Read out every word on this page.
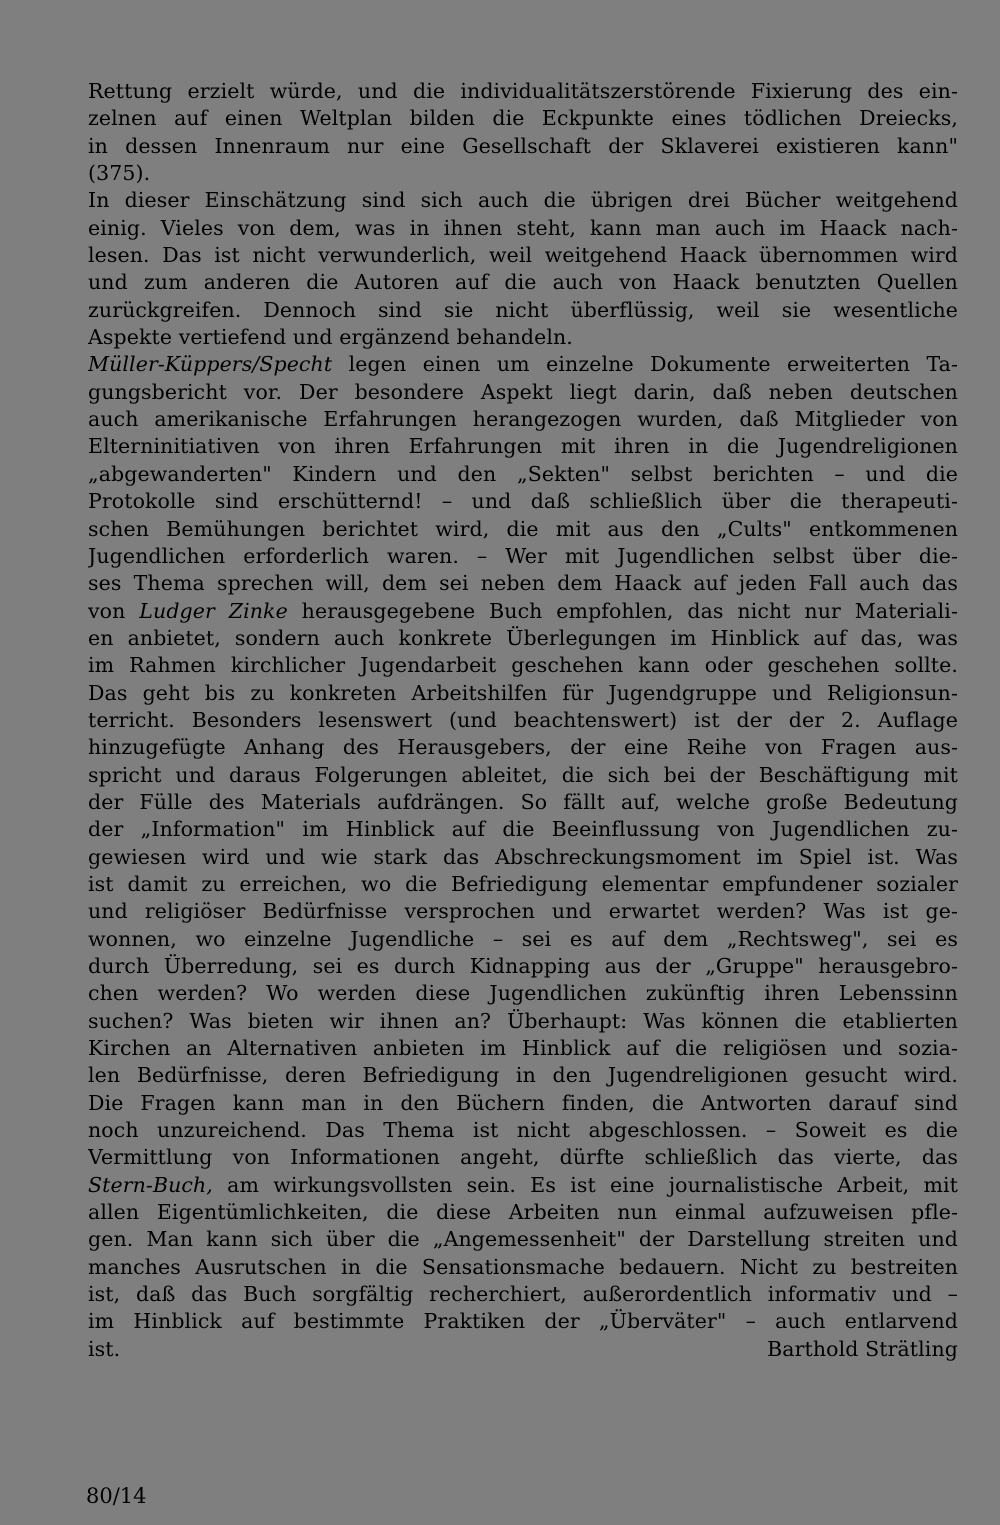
Rettung erzielt würde, und die individualitätszerstörende Fixierung des ein-
zelnen auf einen Weltplan bilden die Eckpunkte eines tödlichen Dreiecks,
in dessen Innenraum nur eine Gesellschaft der Sklaverei existieren kann"
(375).
In dieser Einschätzung sind sich auch die übrigen drei Bücher weitgehend
einig. Vieles von dem, was in ihnen steht, kann man auch im Haack nach-
lesen. Das ist nicht verwunderlich, weil weitgehend Haack übernommen wird
und zum anderen die Autoren auf die auch von Haack benutzten Quellen
zurückgreifen. Dennoch sind sie nicht überflüssig, weil sie wesentliche
Aspekte vertiefend und ergänzend behandeln.
Müller-Küppers/Specht legen einen um einzelne Dokumente erweiterten Ta-
gungsbericht vor. Der besondere Aspekt liegt darin, daß neben deutschen
auch amerikanische Erfahrungen herangezogen wurden, daß Mitglieder von
Elterninitiativen von ihren Erfahrungen mit ihren in die Jugendreligionen
„abgewanderten" Kindern und den „Sekten" selbst berichten – und die
Protokolle sind erschütternd! – und daß schließlich über die therapeuti-
schen Bemühungen berichtet wird, die mit aus den „Cults" entkommenen
Jugendlichen erforderlich waren. – Wer mit Jugendlichen selbst über die-
ses Thema sprechen will, dem sei neben dem Haack auf jeden Fall auch das
von Ludger Zinke herausgegebene Buch empfohlen, das nicht nur Materiali-
en anbietet, sondern auch konkrete Überlegungen im Hinblick auf das, was
im Rahmen kirchlicher Jugendarbeit geschehen kann oder geschehen sollte.
Das geht bis zu konkreten Arbeitshilfen für Jugendgruppe und Religionsun-
terricht. Besonders lesenswert (und beachtenswert) ist der der 2. Auflage
hinzugefügte Anhang des Herausgebers, der eine Reihe von Fragen aus-
spricht und daraus Folgerungen ableitet, die sich bei der Beschäftigung mit
der Fülle des Materials aufdrängen. So fällt auf, welche große Bedeutung
der „Information" im Hinblick auf die Beeinflussung von Jugendlichen zu-
gewiesen wird und wie stark das Abschreckungsmoment im Spiel ist. Was
ist damit zu erreichen, wo die Befriedigung elementar empfundener sozialer
und religiöser Bedürfnisse versprochen und erwartet werden? Was ist ge-
wonnen, wo einzelne Jugendliche – sei es auf dem „Rechtsweg", sei es
durch Überredung, sei es durch Kidnapping aus der „Gruppe" herausgebro-
chen werden? Wo werden diese Jugendlichen zukünftig ihren Lebenssinn
suchen? Was bieten wir ihnen an? Überhaupt: Was können die etablierten
Kirchen an Alternativen anbieten im Hinblick auf die religiösen und sozia-
len Bedürfnisse, deren Befriedigung in den Jugendreligionen gesucht wird.
Die Fragen kann man in den Büchern finden, die Antworten darauf sind
noch unzureichend. Das Thema ist nicht abgeschlossen. – Soweit es die
Vermittlung von Informationen angeht, dürfte schließlich das vierte, das
Stern-Buch, am wirkungsvollsten sein. Es ist eine journalistische Arbeit, mit
allen Eigentümlichkeiten, die diese Arbeiten nun einmal aufzuweisen pfle-
gen. Man kann sich über die „Angemessenheit" der Darstellung streiten und
manches Ausrutschen in die Sensationsmache bedauern. Nicht zu bestreiten
ist, daß das Buch sorgfältig recherchiert, außerordentlich informativ und –
im Hinblick auf bestimmte Praktiken der „Überväter" – auch entlarvend
ist.	Barthold Strätling
80/14
